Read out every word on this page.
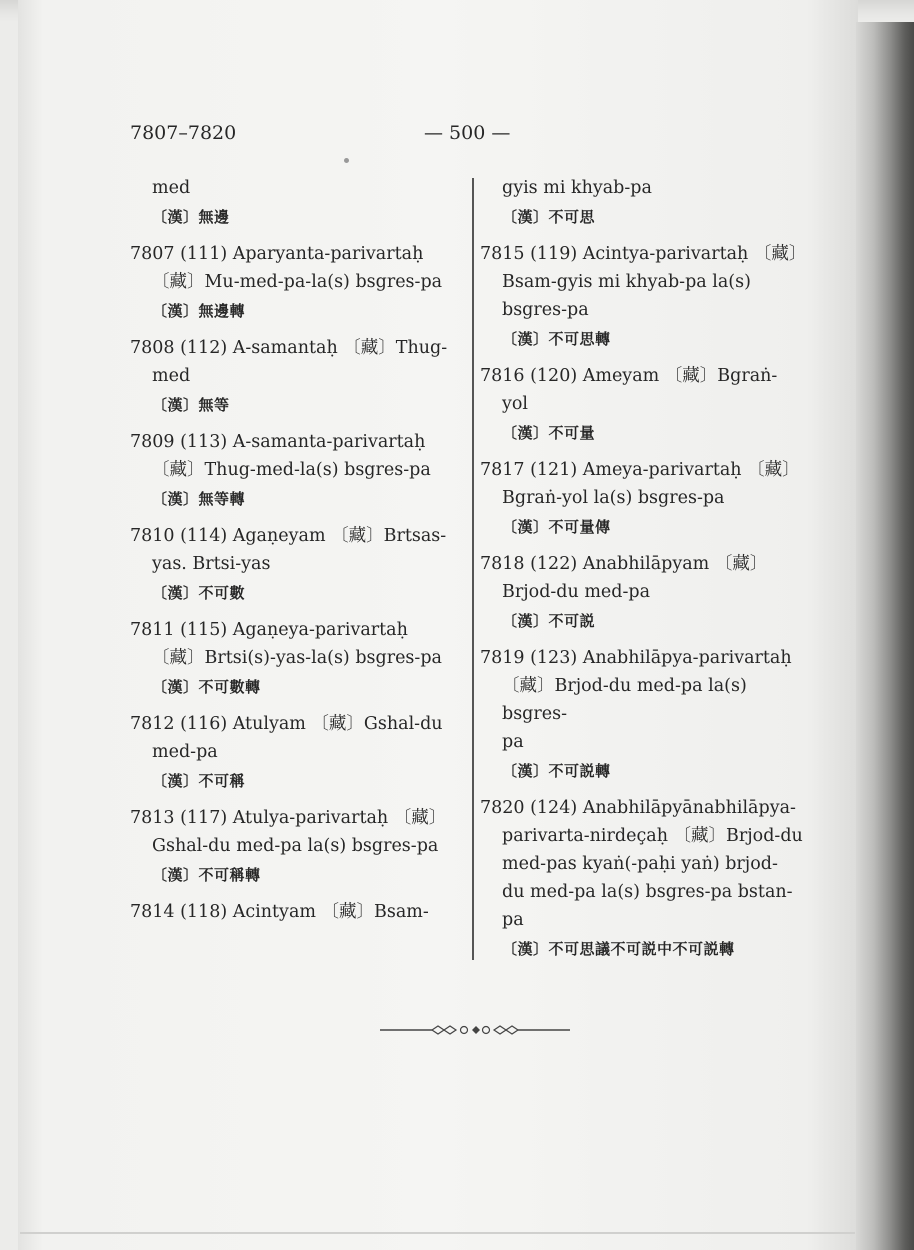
7807–7820	— 500 —
med
〔漢〕無邊
7807 (111) Aparyanta-parivartaḥ
〔藏〕Mu-med-pa-la(s) bsgres-pa
〔漢〕無邊轉
7808 (112) A-samantaḥ 〔藏〕Thug-
med
〔漢〕無等
7809 (113) A-samanta-parivartaḥ
〔藏〕Thug-med-la(s) bsgres-pa
〔漢〕無等轉
7810 (114) Agaṇeyam 〔藏〕Brtsas-
yas. Brtsi-yas
〔漢〕不可數
7811 (115) Agaṇeya-parivartaḥ
〔藏〕Brtsi(s)-yas-la(s) bsgres-pa
〔漢〕不可數轉
7812 (116) Atulyam 〔藏〕Gshal-du
med-pa
〔漢〕不可稱
7813 (117) Atulya-parivartaḥ 〔藏〕
Gshal-du med-pa la(s) bsgres-pa
〔漢〕不可稱轉
7814 (118) Acintyam 〔藏〕Bsam-
gyis mi khyab-pa
〔漢〕不可思
7815 (119) Acintya-parivartaḥ 〔藏〕
Bsam-gyis mi khyab-pa la(s)
bsgres-pa
〔漢〕不可思轉
7816 (120) Ameyam 〔藏〕Bgraṅ-
yol
〔漢〕不可量
7817 (121) Ameya-parivartaḥ 〔藏〕
Bgraṅ-yol la(s) bsgres-pa
〔漢〕不可量傳
7818 (122) Anabhilāpyam 〔藏〕
Brjod-du med-pa
〔漢〕不可説
7819 (123) Anabhilāpya-parivartaḥ
〔藏〕Brjod-du med-pa la(s) bsgres-
pa
〔漢〕不可説轉
7820 (124) Anabhilāpyānabhilāpya-
parivarta-nirdeçaḥ 〔藏〕Brjod-du
med-pas kyaṅ(-paḥi yaṅ) brjod-
du med-pa la(s) bsgres-pa bstan-
pa
〔漢〕不可思議不可説中不可説轉
